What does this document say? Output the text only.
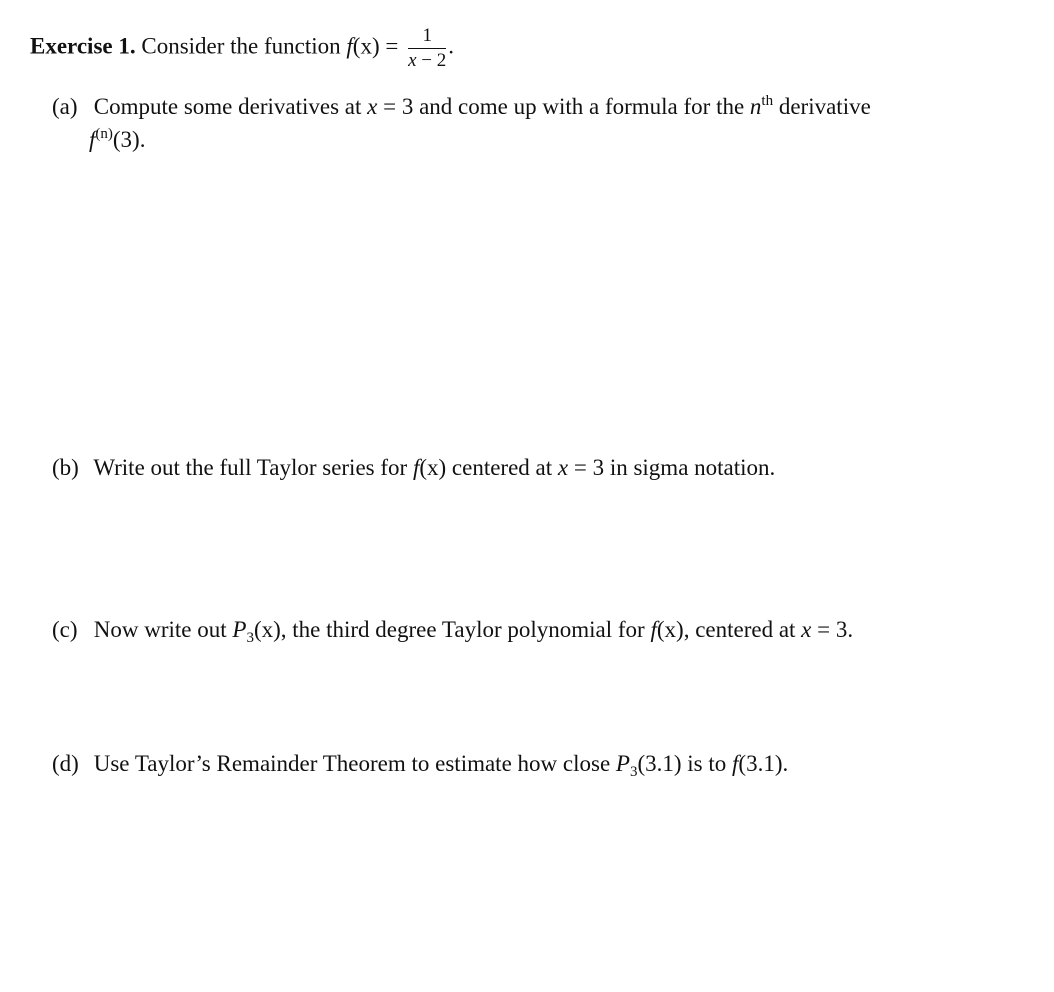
Exercise 1. Consider the function $f(x) = \frac{1}{x - 2}$ .
(a) Compute some derivatives at x = 3 and come up with a formula for the $n^{th}$ derivative
$f^{(n)}(3)$.
(b) Write out the full Taylor series for f(x) centered at x = 3 in sigma notation.
(c) Now write out $P_3(x)$, the third degree Taylor polynomial for f(x), centered at x = 3.
(d) Use Taylor’s Remainder Theorem to estimate how close $P_3(3.1)$ is to f(3.1).
